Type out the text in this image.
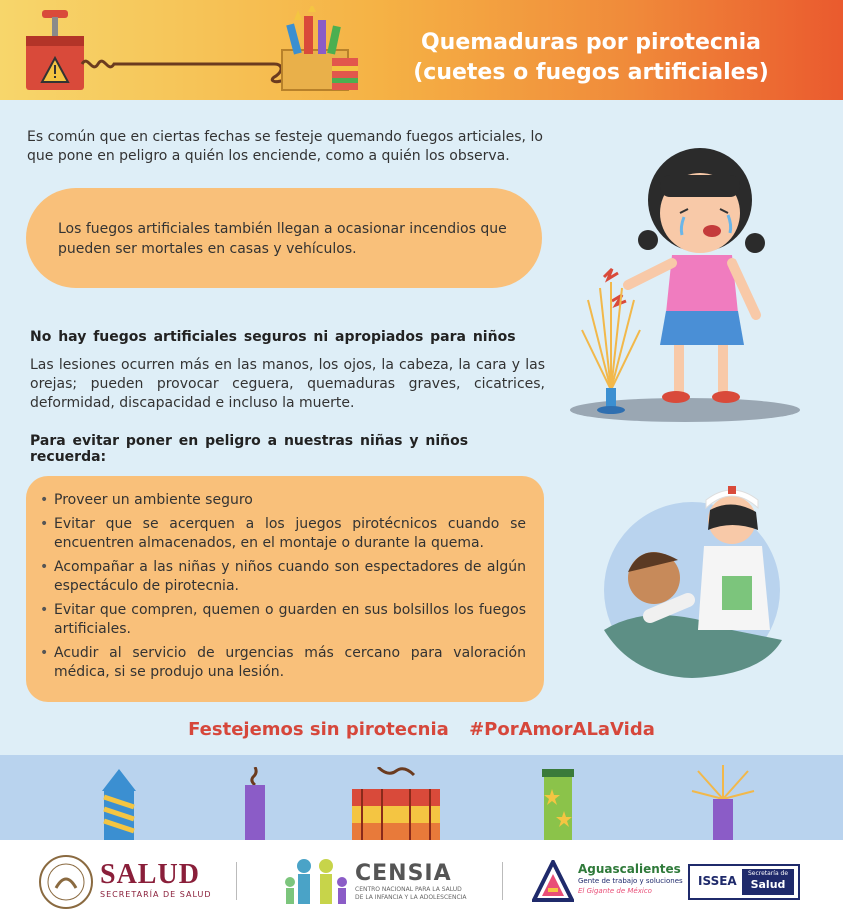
Quemaduras por pirotecnia
(cuetes o fuegos artificiales)
Es común que en ciertas fechas se festeje quemando fuegos articiales, lo que pone en peligro a quién los enciende, como a quién los observa.
Los fuegos artificiales también llegan a ocasionar incendios que pueden ser mortales en casas y vehículos.
No hay fuegos artificiales seguros ni apropiados para niños
Las lesiones ocurren más en las manos, los ojos, la cabeza, la cara y las orejas; pueden provocar ceguera, quemaduras graves, cicatrices, deformidad, discapacidad e incluso la muerte.
Para evitar poner en peligro a nuestras niñas y niños recuerda:
• Proveer un ambiente seguro
• Evitar que se acerquen a los juegos pirotécnicos cuando se encuentren almacenados, en el montaje o durante la quema.
• Acompañar a las niñas y niños cuando son espectadores de algún espectáculo de pirotecnia.
• Evitar que compren, quemen o guarden en sus bolsillos los fuegos artificiales.
• Acudir al servicio de urgencias más cercano para valoración médica, si se produjo una lesión.
Festejemos sin pirotecnia #PorAmorALaVida
SALUD
SECRETARÍA DE SALUD
CENSIA
CENTRO NACIONAL PARA LA SALUD
DE LA INFANCIA Y LA ADOLESCENCIA
Aguascalientes
Gente de trabajo y soluciones
El Gigante de México
ISSEA
Secretaría de
Salud
